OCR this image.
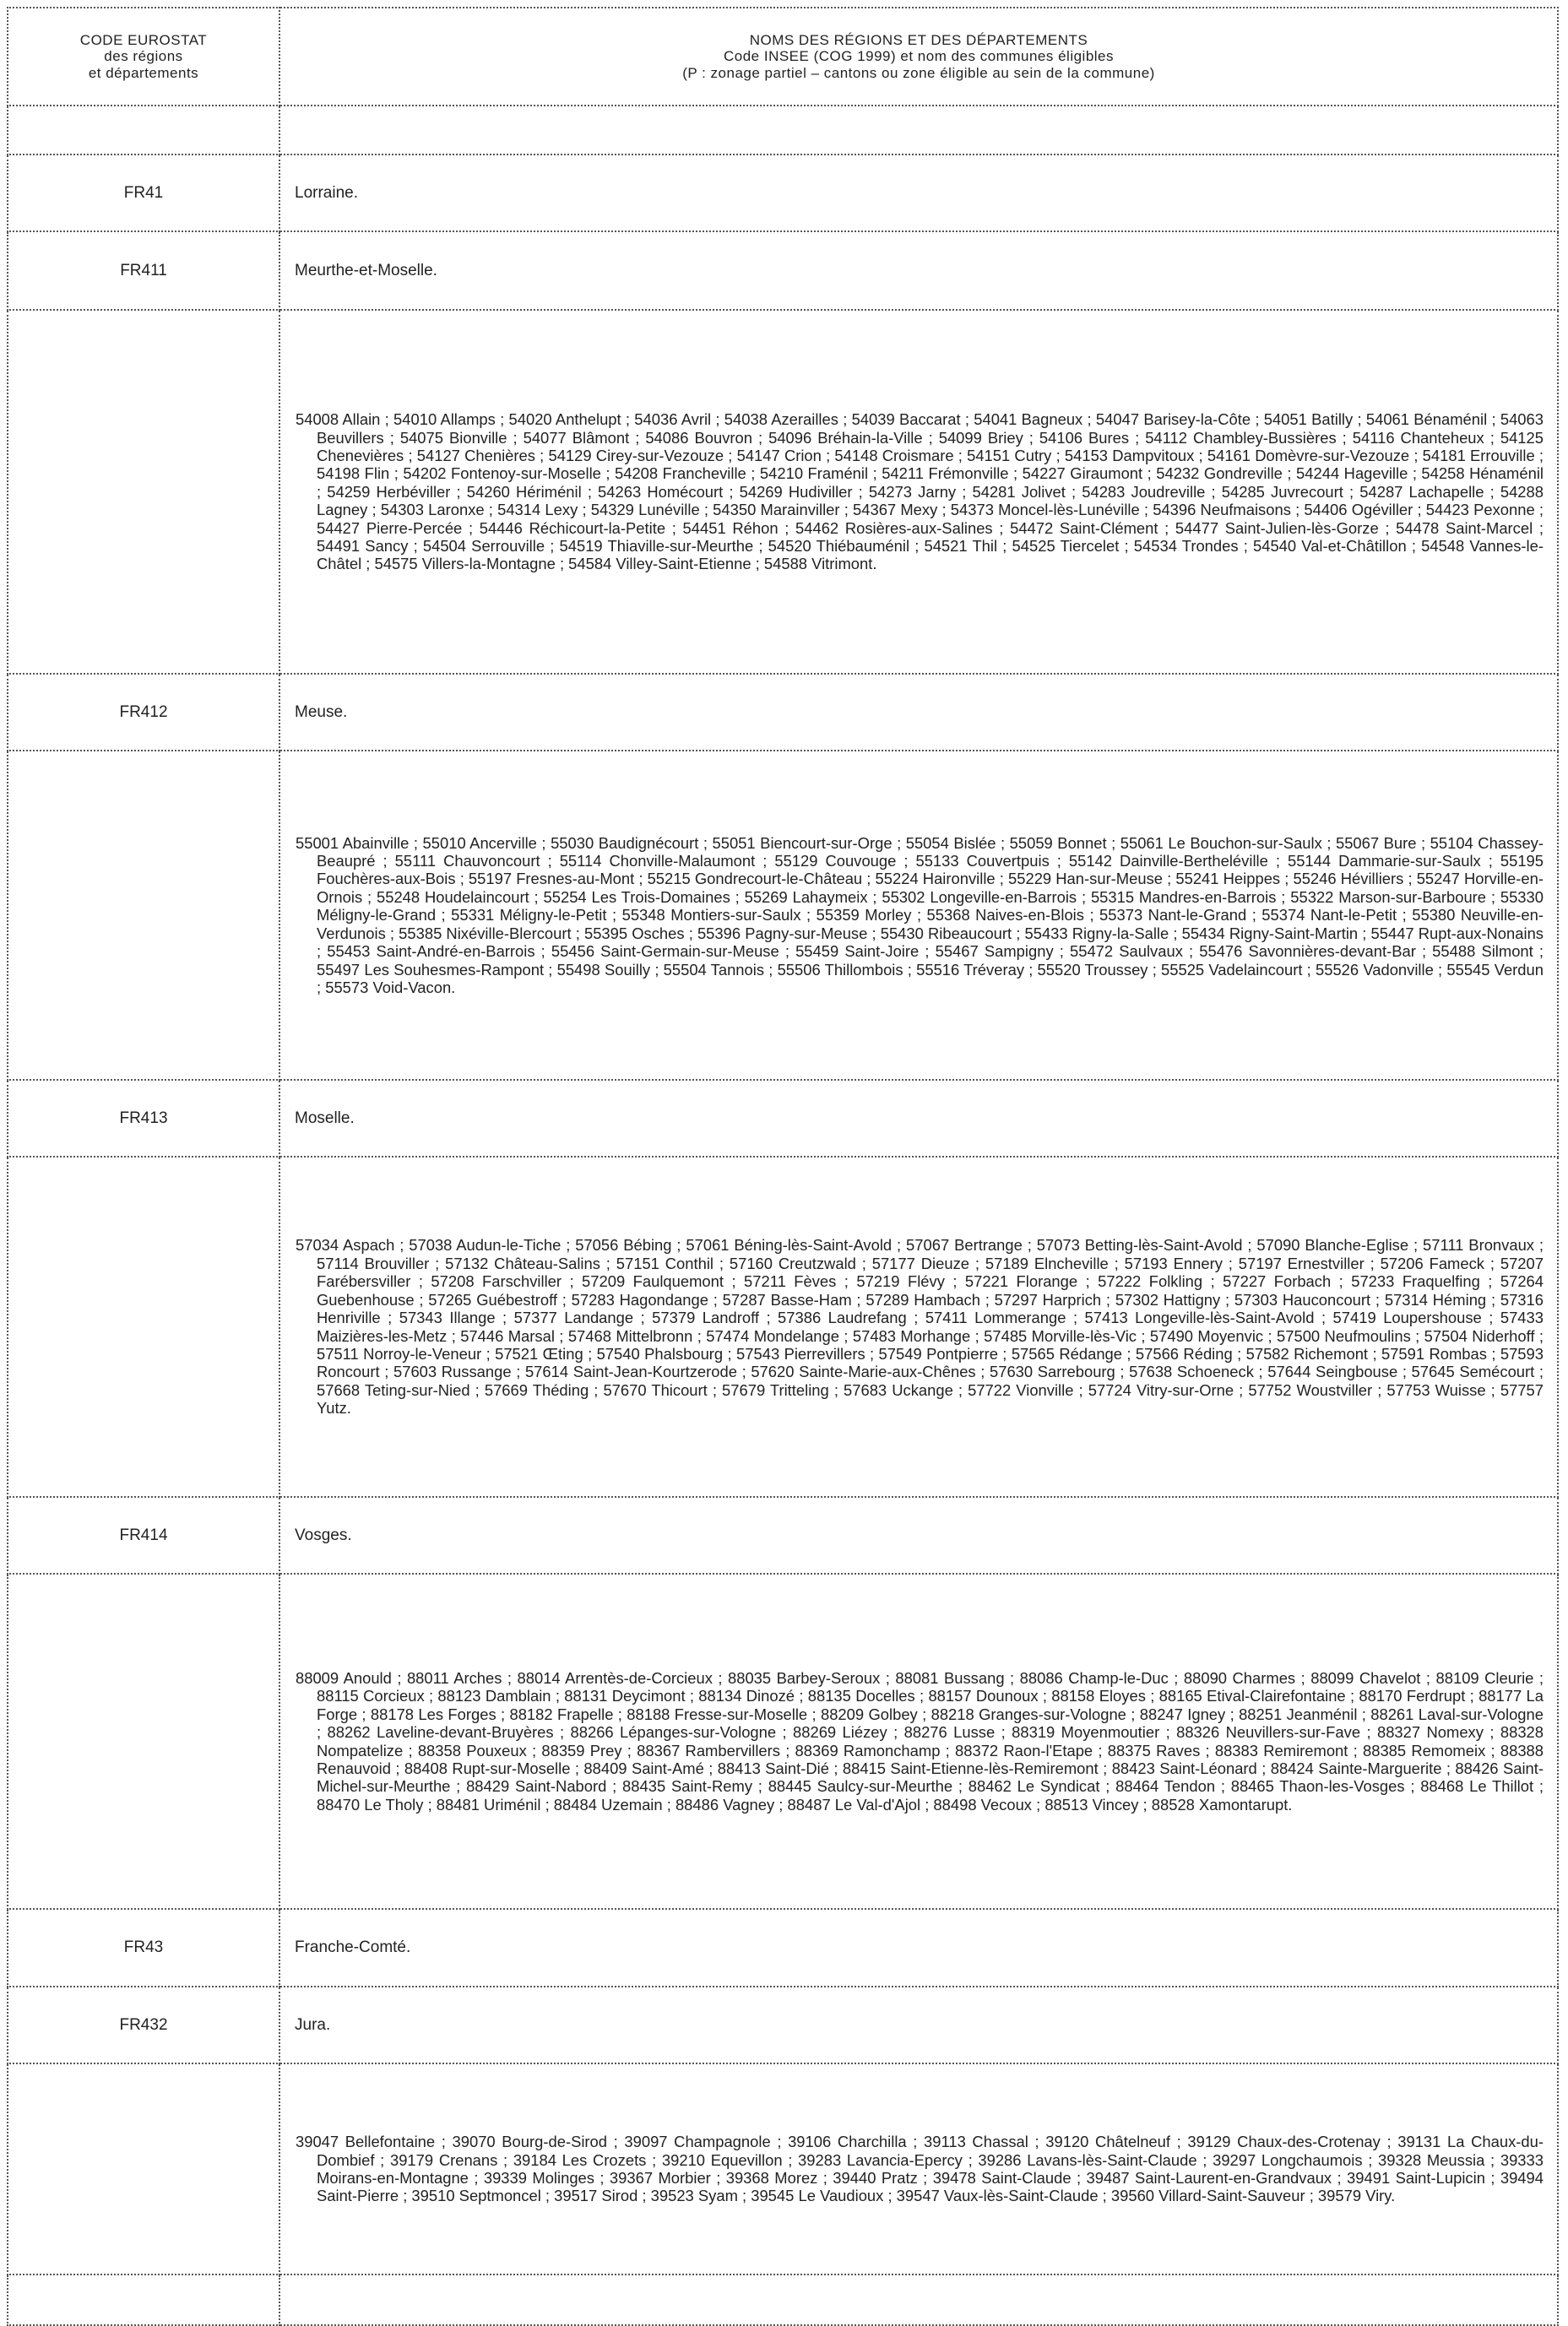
CODE EUROSTAT
des régions
et départements	NOMS DES RÉGIONS ET DES DÉPARTEMENTS
Code INSEE (COG 1999) et nom des communes éligibles
(P : zonage partiel – cantons ou zone éligible au sein de la commune)

FR41	Lorraine.
FR411	Meurthe-et-Moselle.

	54008 Allain ; 54010 Allamps ; 54020 Anthelupt ; 54036 Avril ; 54038 Azerailles ; 54039 Baccarat ; 54041 Bagneux ; 54047 Barisey-la-Côte ; 54051 Batilly ; 54061 Bénaménil ; 54063 Beuvillers ; 54075 Bionville ; 54077 Blâmont ; 54086 Bouvron ; 54096 Bréhain-la-Ville ; 54099 Briey ; 54106 Bures ; 54112 Chambley-Bussières ; 54116 Chanteheux ; 54125 Chenevières ; 54127 Chenières ; 54129 Cirey-sur-Vezouze ; 54147 Crion ; 54148 Croismare ; 54151 Cutry ; 54153 Dampvitoux ; 54161 Domèvre-sur-Vezouze ; 54181 Errouville ; 54198 Flin ; 54202 Fontenoy-sur-Moselle ; 54208 Francheville ; 54210 Framénil ; 54211 Frémonville ; 54227 Giraumont ; 54232 Gondreville ; 54244 Hageville ; 54258 Hénaménil ; 54259 Herbéviller ; 54260 Hériménil ; 54263 Homécourt ; 54269 Hudiviller ; 54273 Jarny ; 54281 Jolivet ; 54283 Joudreville ; 54285 Juvrecourt ; 54287 Lachapelle ; 54288 Lagney ; 54303 Laronxe ; 54314 Lexy ; 54329 Lunéville ; 54350 Marainviller ; 54367 Mexy ; 54373 Moncel-lès-Lunéville ; 54396 Neufmaisons ; 54406 Ogéviller ; 54423 Pexonne ; 54427 Pierre-Percée ; 54446 Réchicourt-la-Petite ; 54451 Réhon ; 54462 Rosières-aux-Salines ; 54472 Saint-Clément ; 54477 Saint-Julien-lès-Gorze ; 54478 Saint-Marcel ; 54491 Sancy ; 54504 Serrouville ; 54519 Thiaville-sur-Meurthe ; 54520 Thiébauménil ; 54521 Thil ; 54525 Tiercelet ; 54534 Trondes ; 54540 Val-et-Châtillon ; 54548 Vannes-le-Châtel ; 54575 Villers-la-Montagne ; 54584 Villey-Saint-Etienne ; 54588 Vitrimont.

FR412	Meuse.

	55001 Abainville ; 55010 Ancerville ; 55030 Baudignécourt ; 55051 Biencourt-sur-Orge ; 55054 Bislée ; 55059 Bonnet ; 55061 Le Bouchon-sur-Saulx ; 55067 Bure ; 55104 Chassey-Beaupré ; 55111 Chauvoncourt ; 55114 Chonville-Malaumont ; 55129 Couvouge ; 55133 Couvertpuis ; 55142 Dainville-Bertheléville ; 55144 Dammarie-sur-Saulx ; 55195 Fouchères-aux-Bois ; 55197 Fresnes-au-Mont ; 55215 Gondrecourt-le-Château ; 55224 Haironville ; 55229 Han-sur-Meuse ; 55241 Heippes ; 55246 Hévilliers ; 55247 Horville-en-Ornois ; 55248 Houdelaincourt ; 55254 Les Trois-Domaines ; 55269 Lahaymeix ; 55302 Longeville-en-Barrois ; 55315 Mandres-en-Barrois ; 55322 Marson-sur-Barboure ; 55330 Méligny-le-Grand ; 55331 Méligny-le-Petit ; 55348 Montiers-sur-Saulx ; 55359 Morley ; 55368 Naives-en-Blois ; 55373 Nant-le-Grand ; 55374 Nant-le-Petit ; 55380 Neuville-en-Verdunois ; 55385 Nixéville-Blercourt ; 55395 Osches ; 55396 Pagny-sur-Meuse ; 55430 Ribeaucourt ; 55433 Rigny-la-Salle ; 55434 Rigny-Saint-Martin ; 55447 Rupt-aux-Nonains ; 55453 Saint-André-en-Barrois ; 55456 Saint-Germain-sur-Meuse ; 55459 Saint-Joire ; 55467 Sampigny ; 55472 Saulvaux ; 55476 Savonnières-devant-Bar ; 55488 Silmont ; 55497 Les Souhesmes-Rampont ; 55498 Souilly ; 55504 Tannois ; 55506 Thillombois ; 55516 Tréveray ; 55520 Troussey ; 55525 Vadelaincourt ; 55526 Vadonville ; 55545 Verdun ; 55573 Void-Vacon.

FR413	Moselle.

	57034 Aspach ; 57038 Audun-le-Tiche ; 57056 Bébing ; 57061 Béning-lès-Saint-Avold ; 57067 Bertrange ; 57073 Betting-lès-Saint-Avold ; 57090 Blanche-Eglise ; 57111 Bronvaux ; 57114 Brouviller ; 57132 Château-Salins ; 57151 Conthil ; 57160 Creutzwald ; 57177 Dieuze ; 57189 Elncheville ; 57193 Ennery ; 57197 Ernestviller ; 57206 Fameck ; 57207 Farébersviller ; 57208 Farschviller ; 57209 Faulquemont ; 57211 Fèves ; 57219 Flévy ; 57221 Florange ; 57222 Folkling ; 57227 Forbach ; 57233 Fraquelfing ; 57264 Guebenhouse ; 57265 Guébestroff ; 57283 Hagondange ; 57287 Basse-Ham ; 57289 Hambach ; 57297 Harprich ; 57302 Hattigny ; 57303 Hauconcourt ; 57314 Héming ; 57316 Henriville ; 57343 Illange ; 57377 Landange ; 57379 Landroff ; 57386 Laudrefang ; 57411 Lommerange ; 57413 Longeville-lès-Saint-Avold ; 57419 Loupershouse ; 57433 Maizières-les-Metz ; 57446 Marsal ; 57468 Mittelbronn ; 57474 Mondelange ; 57483 Morhange ; 57485 Morville-lès-Vic ; 57490 Moyenvic ; 57500 Neufmoulins ; 57504 Niderhoff ; 57511 Norroy-le-Veneur ; 57521 Œting ; 57540 Phalsbourg ; 57543 Pierrevillers ; 57549 Pontpierre ; 57565 Rédange ; 57566 Réding ; 57582 Richemont ; 57591 Rombas ; 57593 Roncourt ; 57603 Russange ; 57614 Saint-Jean-Kourtzerode ; 57620 Sainte-Marie-aux-Chênes ; 57630 Sarrebourg ; 57638 Schoeneck ; 57644 Seingbouse ; 57645 Semécourt ; 57668 Teting-sur-Nied ; 57669 Théding ; 57670 Thicourt ; 57679 Tritteling ; 57683 Uckange ; 57722 Vionville ; 57724 Vitry-sur-Orne ; 57752 Woustviller ; 57753 Wuisse ; 57757 Yutz.

FR414	Vosges.

	88009 Anould ; 88011 Arches ; 88014 Arrentès-de-Corcieux ; 88035 Barbey-Seroux ; 88081 Bussang ; 88086 Champ-le-Duc ; 88090 Charmes ; 88099 Chavelot ; 88109 Cleurie ; 88115 Corcieux ; 88123 Damblain ; 88131 Deycimont ; 88134 Dinozé ; 88135 Docelles ; 88157 Dounoux ; 88158 Eloyes ; 88165 Etival-Clairefontaine ; 88170 Ferdrupt ; 88177 La Forge ; 88178 Les Forges ; 88182 Frapelle ; 88188 Fresse-sur-Moselle ; 88209 Golbey ; 88218 Granges-sur-Vologne ; 88247 Igney ; 88251 Jeanménil ; 88261 Laval-sur-Vologne ; 88262 Laveline-devant-Bruyères ; 88266 Lépanges-sur-Vologne ; 88269 Liézey ; 88276 Lusse ; 88319 Moyenmoutier ; 88326 Neuvillers-sur-Fave ; 88327 Nomexy ; 88328 Nompatelize ; 88358 Pouxeux ; 88359 Prey ; 88367 Rambervillers ; 88369 Ramonchamp ; 88372 Raon-l'Etape ; 88375 Raves ; 88383 Remiremont ; 88385 Remomeix ; 88388 Renauvoid ; 88408 Rupt-sur-Moselle ; 88409 Saint-Amé ; 88413 Saint-Dié ; 88415 Saint-Etienne-lès-Remiremont ; 88423 Saint-Léonard ; 88424 Sainte-Marguerite ; 88426 Saint-Michel-sur-Meurthe ; 88429 Saint-Nabord ; 88435 Saint-Remy ; 88445 Saulcy-sur-Meurthe ; 88462 Le Syndicat ; 88464 Tendon ; 88465 Thaon-les-Vosges ; 88468 Le Thillot ; 88470 Le Tholy ; 88481 Uriménil ; 88484 Uzemain ; 88486 Vagney ; 88487 Le Val-d'Ajol ; 88498 Vecoux ; 88513 Vincey ; 88528 Xamontarupt.

FR43	Franche-Comté.
FR432	Jura.

	39047 Bellefontaine ; 39070 Bourg-de-Sirod ; 39097 Champagnole ; 39106 Charchilla ; 39113 Chassal ; 39120 Châtelneuf ; 39129 Chaux-des-Crotenay ; 39131 La Chaux-du-Dombief ; 39179 Crenans ; 39184 Les Crozets ; 39210 Equevillon ; 39283 Lavancia-Epercy ; 39286 Lavans-lès-Saint-Claude ; 39297 Longchaumois ; 39328 Meussia ; 39333 Moirans-en-Montagne ; 39339 Molinges ; 39367 Morbier ; 39368 Morez ; 39440 Pratz ; 39478 Saint-Claude ; 39487 Saint-Laurent-en-Grandvaux ; 39491 Saint-Lupicin ; 39494 Saint-Pierre ; 39510 Septmoncel ; 39517 Sirod ; 39523 Syam ; 39545 Le Vaudioux ; 39547 Vaux-lès-Saint-Claude ; 39560 Villard-Saint-Sauveur ; 39579 Viry.
